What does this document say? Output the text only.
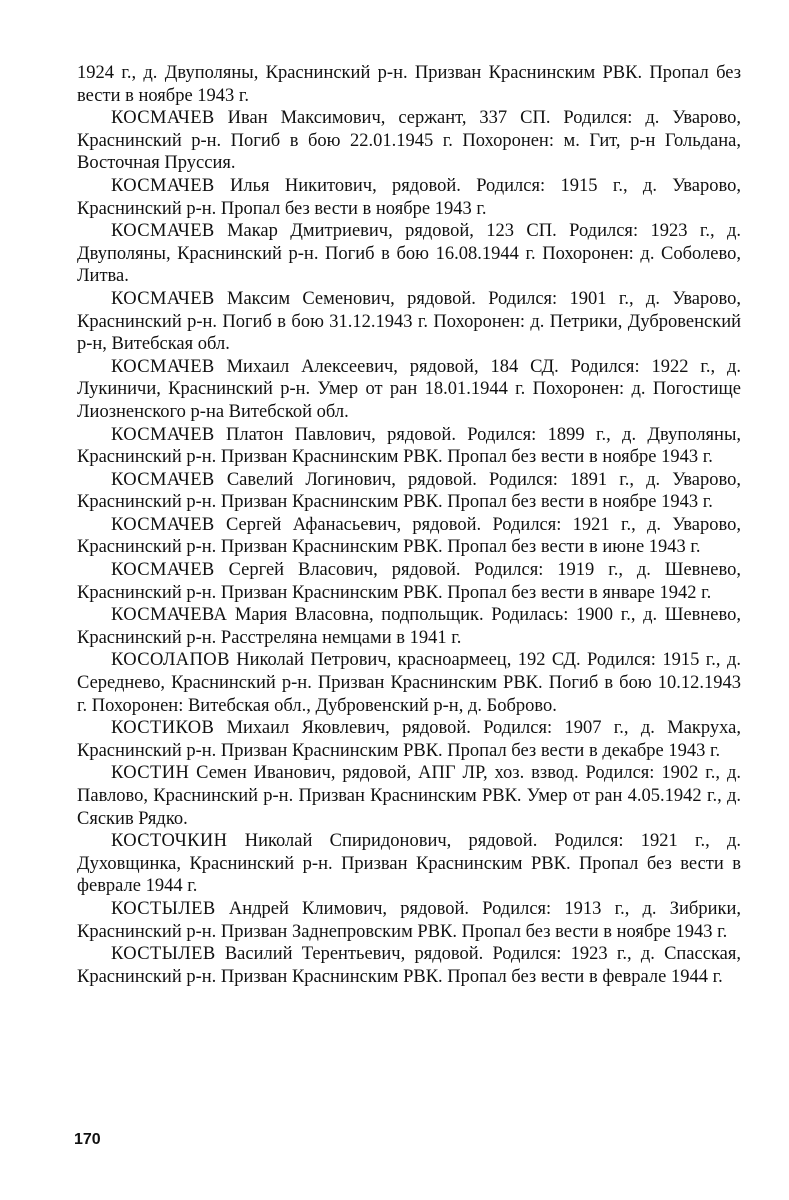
1924 г., д. Двуполяны, Краснинский р-н. Призван Краснинским РВК. Пропал без вести в ноябре 1943 г.

КОСМАЧЕВ Иван Максимович, сержант, 337 СП. Родился: д. Уварово, Краснинский р-н. Погиб в бою 22.01.1945 г. Похоронен: м. Гит, р-н Гольдана, Восточная Пруссия.

КОСМАЧЕВ Илья Никитович, рядовой. Родился: 1915 г., д. Уварово, Краснинский р-н. Пропал без вести в ноябре 1943 г.

КОСМАЧЕВ Макар Дмитриевич, рядовой, 123 СП. Родился: 1923 г., д. Двуполяны, Краснинский р-н. Погиб в бою 16.08.1944 г. Похоронен: д. Соболево, Литва.

КОСМАЧЕВ Максим Семенович, рядовой. Родился: 1901 г., д. Уварово, Краснинский р-н. Погиб в бою 31.12.1943 г. Похоронен: д. Петрики, Дубровенский р-н, Витебская обл.

КОСМАЧЕВ Михаил Алексеевич, рядовой, 184 СД. Родился: 1922 г., д. Лукиничи, Краснинский р-н. Умер от ран 18.01.1944 г. Похоронен: д. Погостище Лиозненского р-на Витебской обл.

КОСМАЧЕВ Платон Павлович, рядовой. Родился: 1899 г., д. Двуполяны, Краснинский р-н. Призван Краснинским РВК. Пропал без вести в ноябре 1943 г.

КОСМАЧЕВ Савелий Логинович, рядовой. Родился: 1891 г., д. Уварово, Краснинский р-н. Призван Краснинским РВК. Пропал без вести в ноябре 1943 г.

КОСМАЧЕВ Сергей Афанасьевич, рядовой. Родился: 1921 г., д. Уварово, Краснинский р-н. Призван Краснинским РВК. Пропал без вести в июне 1943 г.

КОСМАЧЕВ Сергей Власович, рядовой. Родился: 1919 г., д. Шевнево, Краснинский р-н. Призван Краснинским РВК. Пропал без вести в январе 1942 г.

КОСМАЧЕВА Мария Власовна, подпольщик. Родилась: 1900 г., д. Шевнево, Краснинский р-н. Расстреляна немцами в 1941 г.

КОСОЛАПОВ Николай Петрович, красноармеец, 192 СД. Родился: 1915 г., д. Середнево, Краснинский р-н. Призван Краснинским РВК. Погиб в бою 10.12.1943 г. Похоронен: Витебская обл., Дубровенский р-н, д. Боброво.

КОСТИКОВ Михаил Яковлевич, рядовой. Родился: 1907 г., д. Макруха, Краснинский р-н. Призван Краснинским РВК. Пропал без вести в декабре 1943 г.

КОСТИН Семен Иванович, рядовой, АПГ ЛР, хоз. взвод. Родился: 1902 г., д. Павлово, Краснинский р-н. Призван Краснинским РВК. Умер от ран 4.05.1942 г., д. Сяскив Рядко.

КОСТОЧКИН Николай Спиридонович, рядовой. Родился: 1921 г., д. Духовщинка, Краснинский р-н. Призван Краснинским РВК. Пропал без вести в феврале 1944 г.

КОСТЫЛЕВ Андрей Климович, рядовой. Родился: 1913 г., д. Зибрики, Краснинский р-н. Призван Заднепровским РВК. Пропал без вести в ноябре 1943 г.

КОСТЫЛЕВ Василий Терентьевич, рядовой. Родился: 1923 г., д. Спасская, Краснинский р-н. Призван Краснинским РВК. Пропал без вести в феврале 1944 г.

170
